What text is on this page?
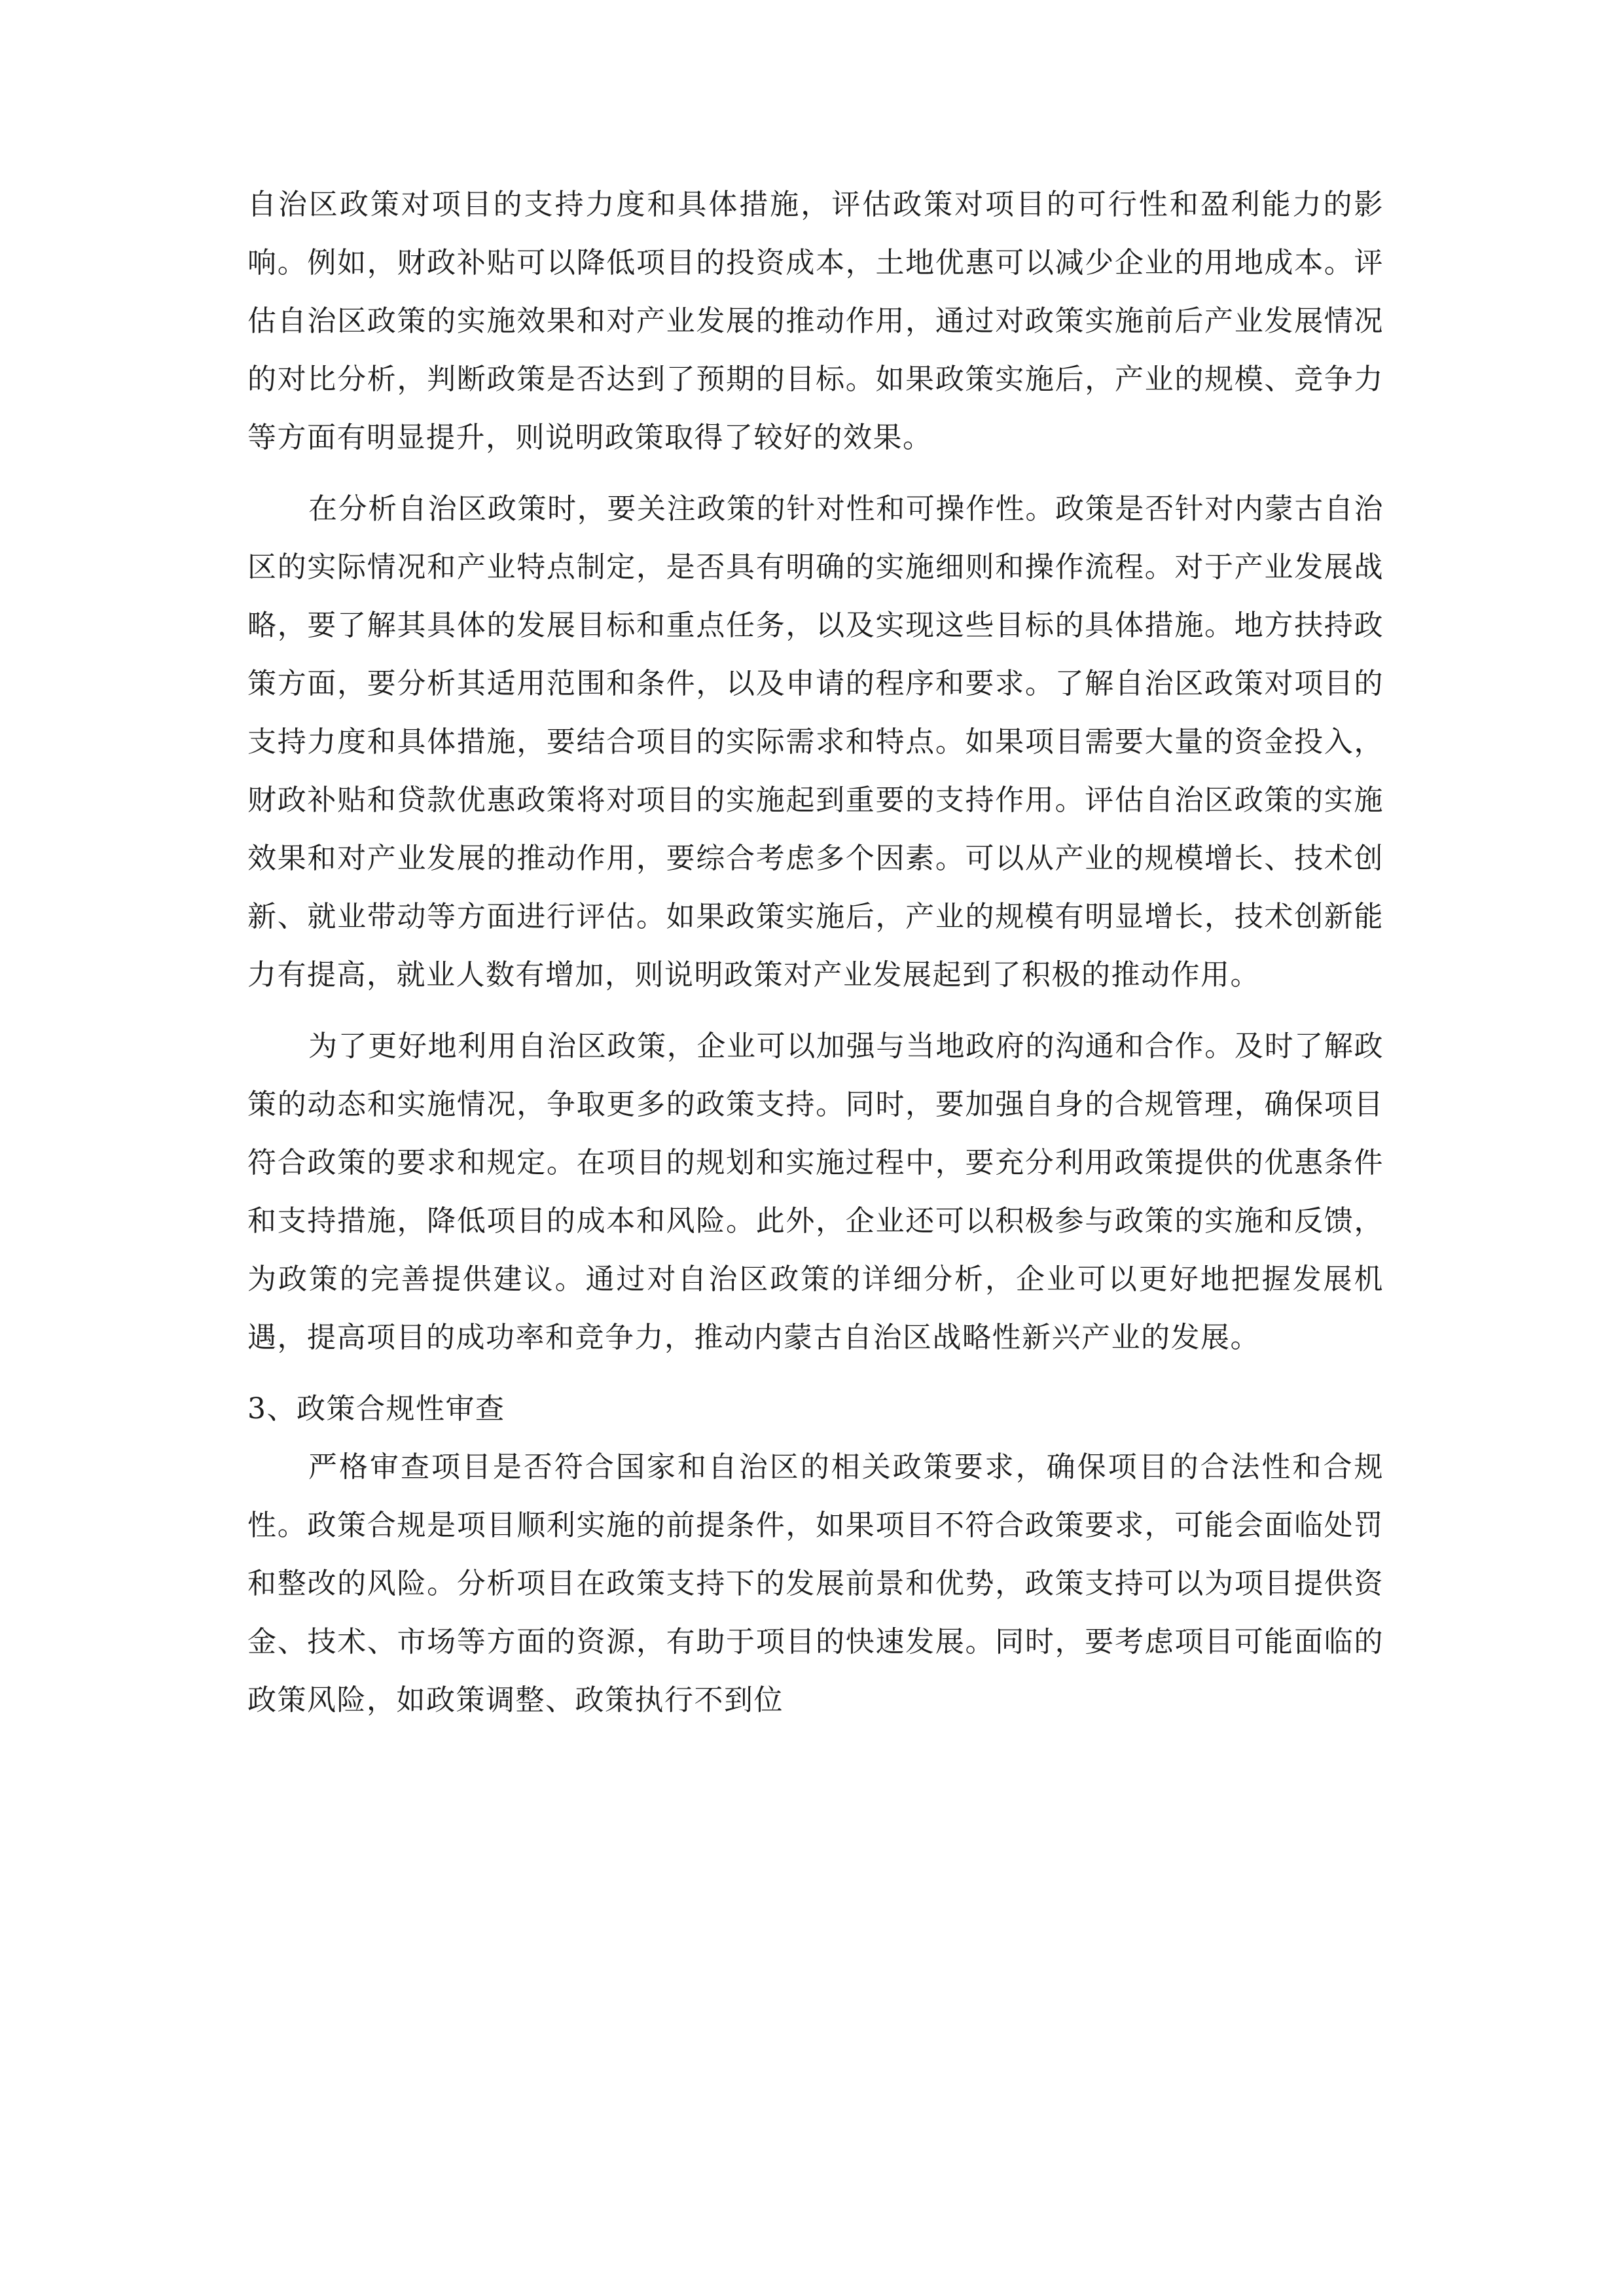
自治区政策对项目的支持力度和具体措施，评估政策对项目的可行性和盈利能力的影响。例如，财政补贴可以降低项目的投资成本，土地优惠可以减少企业的用地成本。评估自治区政策的实施效果和对产业发展的推动作用，通过对政策实施前后产业发展情况的对比分析，判断政策是否达到了预期的目标。如果政策实施后，产业的规模、竞争力等方面有明显提升，则说明政策取得了较好的效果。

在分析自治区政策时，要关注政策的针对性和可操作性。政策是否针对内蒙古自治区的实际情况和产业特点制定，是否具有明确的实施细则和操作流程。对于产业发展战略，要了解其具体的发展目标和重点任务，以及实现这些目标的具体措施。地方扶持政策方面，要分析其适用范围和条件，以及申请的程序和要求。了解自治区政策对项目的支持力度和具体措施，要结合项目的实际需求和特点。如果项目需要大量的资金投入，财政补贴和贷款优惠政策将对项目的实施起到重要的支持作用。评估自治区政策的实施效果和对产业发展的推动作用，要综合考虑多个因素。可以从产业的规模增长、技术创新、就业带动等方面进行评估。如果政策实施后，产业的规模有明显增长，技术创新能力有提高，就业人数有增加，则说明政策对产业发展起到了积极的推动作用。

为了更好地利用自治区政策，企业可以加强与当地政府的沟通和合作。及时了解政策的动态和实施情况，争取更多的政策支持。同时，要加强自身的合规管理，确保项目符合政策的要求和规定。在项目的规划和实施过程中，要充分利用政策提供的优惠条件和支持措施，降低项目的成本和风险。此外，企业还可以积极参与政策的实施和反馈，为政策的完善提供建议。通过对自治区政策的详细分析，企业可以更好地把握发展机遇，提高项目的成功率和竞争力，推动内蒙古自治区战略性新兴产业的发展。

3、政策合规性审查

严格审查项目是否符合国家和自治区的相关政策要求，确保项目的合法性和合规性。政策合规是项目顺利实施的前提条件，如果项目不符合政策要求，可能会面临处罚和整改的风险。分析项目在政策支持下的发展前景和优势，政策支持可以为项目提供资金、技术、市场等方面的资源，有助于项目的快速发展。同时，要考虑项目可能面临的政策风险，如政策调整、政策执行不到位
